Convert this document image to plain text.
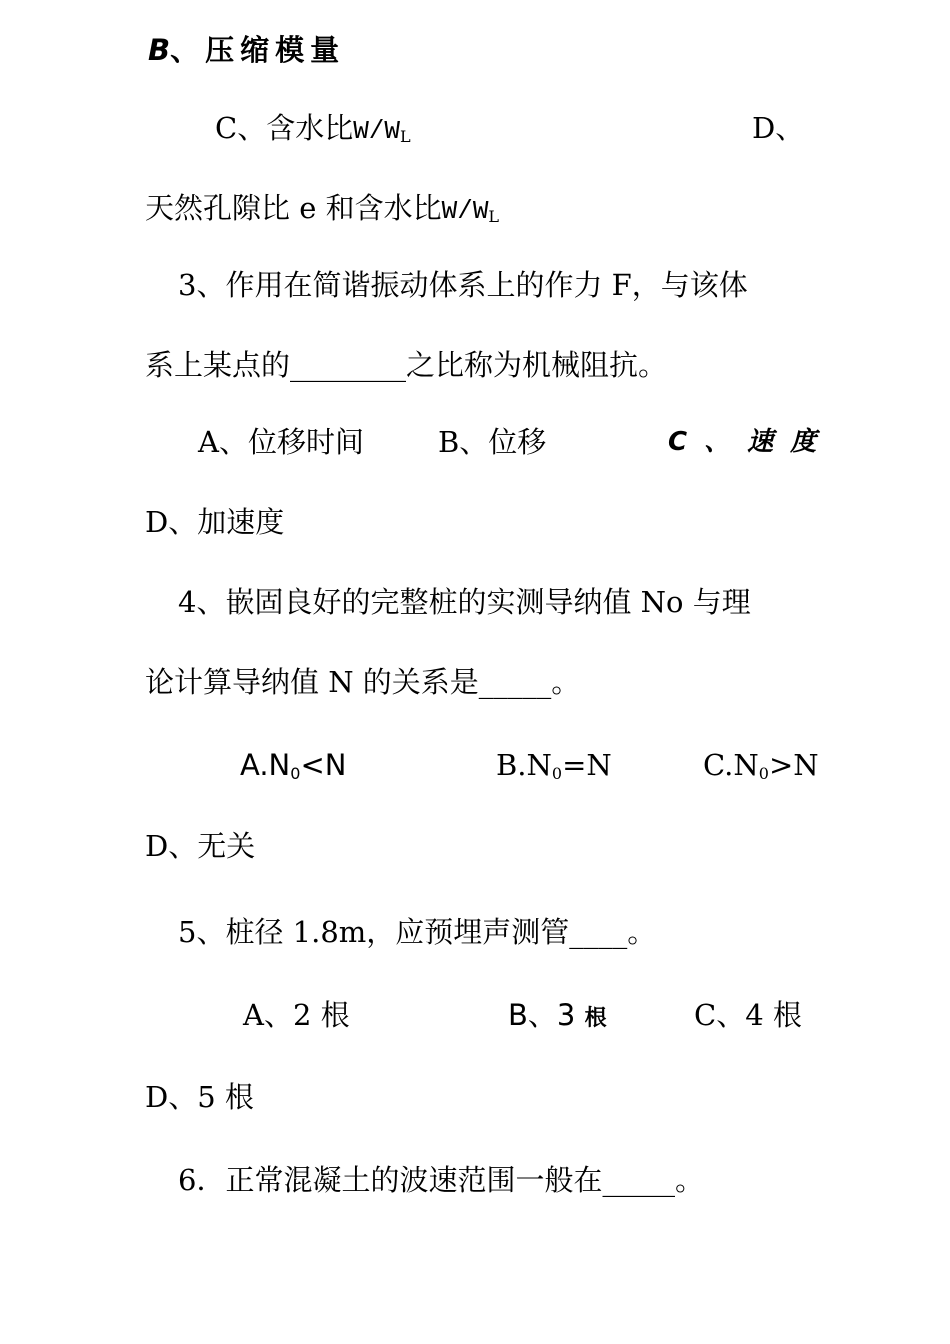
B、压缩模量
C、含水比$W/W_L$	D、
天然孔隙比 e 和含水比$W/W_L$
3、作用在简谐振动体系上的作力 F，与该体
系上某点的________之比称为机械阻抗。
A、位移时间	B、位移	C 、 速 度
D、加速度
4、嵌固良好的完整桩的实测导纳值 No 与理
论计算导纳值 N 的关系是_____。
$A.N_0<N$	$B.N_0=N$	$C.N_0>N$
D、无关
5、桩径 1.8m，应预埋声测管____。
A、2 根	B、3 根	C、4 根
D、5 根
6．正常混凝土的波速范围一般在_____。
